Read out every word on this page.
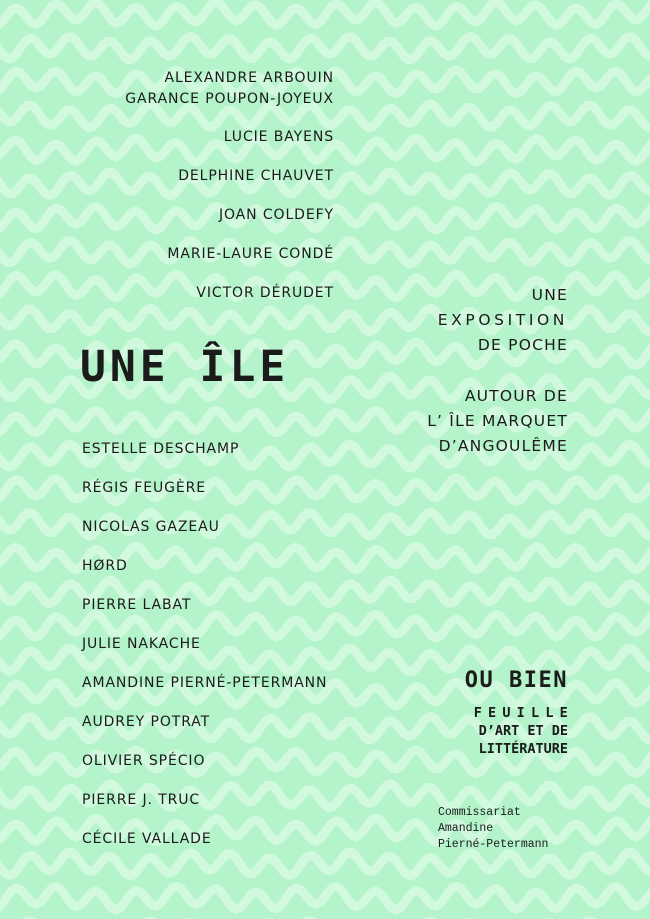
ALEXANDRE ARBOUIN
GARANCE POUPON-JOYEUX
LUCIE BAYENS
DELPHINE CHAUVET
JOAN COLDEFY
MARIE-LAURE CONDÉ
VICTOR DÉRUDET
UNE ÎLE
ESTELLE DESCHAMP
RÉGIS FEUGÈRE
NICOLAS GAZEAU
HØRD
PIERRE LABAT
JULIE NAKACHE
AMANDINE PIERNÉ-PETERMANN
AUDREY POTRAT
OLIVIER SPÉCIO
PIERRE J. TRUC
CÉCILE VALLADE
UNE
EXPOSITION
DE POCHE
AUTOUR DE
L’ ÎLE MARQUET
D’ANGOULÊME
OU BIEN
FEUILLE
D’ART ET DE
LITTÉRATURE
Commissariat
Amandine
Pierné-Petermann
